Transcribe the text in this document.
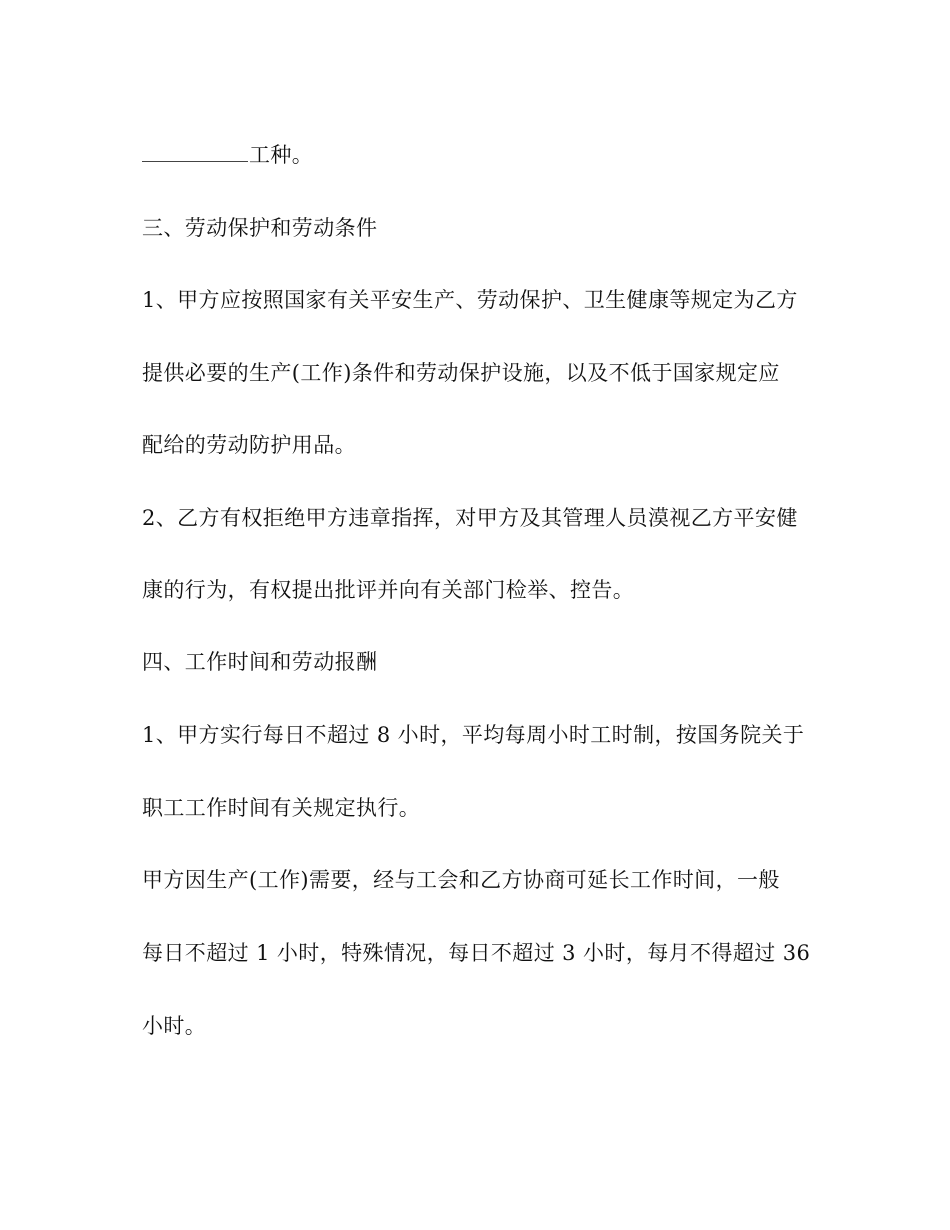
工种。
三、劳动保护和劳动条件
1、甲方应按照国家有关平安生产、劳动保护、卫生健康等规定为乙方
提供必要的生产(工作)条件和劳动保护设施，以及不低于国家规定应
配给的劳动防护用品。
2、乙方有权拒绝甲方违章指挥，对甲方及其管理人员漠视乙方平安健
康的行为，有权提出批评并向有关部门检举、控告。
四、工作时间和劳动报酬
1、甲方实行每日不超过 8 小时，平均每周小时工时制，按国务院关于
职工工作时间有关规定执行。
甲方因生产(工作)需要，经与工会和乙方协商可延长工作时间，一般
每日不超过 1 小时，特殊情况，每日不超过 3 小时，每月不得超过 36
小时。
